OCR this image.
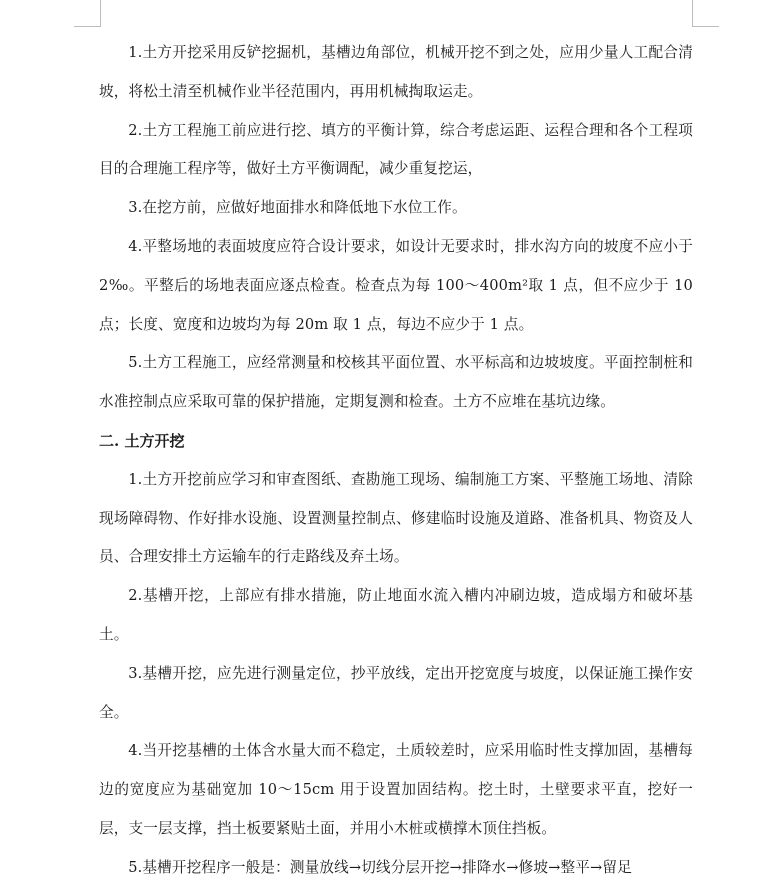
1.土方开挖采用反铲挖掘机，基槽边角部位，机械开挖不到之处，应用少量人工配合清坡，将松土清至机械作业半径范围内，再用机械掏取运走。

2.土方工程施工前应进行挖、填方的平衡计算，综合考虑运距、运程合理和各个工程项目的合理施工程序等，做好土方平衡调配，减少重复挖运，

3.在挖方前，应做好地面排水和降低地下水位工作。

4.平整场地的表面坡度应符合设计要求，如设计无要求时，排水沟方向的坡度不应小于 2‰。平整后的场地表面应逐点检查。检查点为每 100～400m²取 1 点，但不应少于 10 点；长度、宽度和边坡均为每 20m 取 1 点，每边不应少于 1 点。

5.土方工程施工，应经常测量和校核其平面位置、水平标高和边坡坡度。平面控制桩和水准控制点应采取可靠的保护措施，定期复测和检查。土方不应堆在基坑边缘。

二. 土方开挖

1.土方开挖前应学习和审查图纸、查勘施工现场、编制施工方案、平整施工场地、清除现场障碍物、作好排水设施、设置测量控制点、修建临时设施及道路、准备机具、物资及人员、合理安排土方运输车的行走路线及弃土场。

2.基槽开挖，上部应有排水措施，防止地面水流入槽内冲刷边坡，造成塌方和破坏基土。

3.基槽开挖，应先进行测量定位，抄平放线，定出开挖宽度与坡度，以保证施工操作安全。

4.当开挖基槽的土体含水量大而不稳定，土质较差时，应采用临时性支撑加固，基槽每边的宽度应为基础宽加 10～15cm 用于设置加固结构。挖土时，土壁要求平直，挖好一层，支一层支撑，挡土板要紧贴土面，并用小木桩或横撑木顶住挡板。

5.基槽开挖程序一般是：测量放线→切线分层开挖→排降水→修坡→整平→留足
